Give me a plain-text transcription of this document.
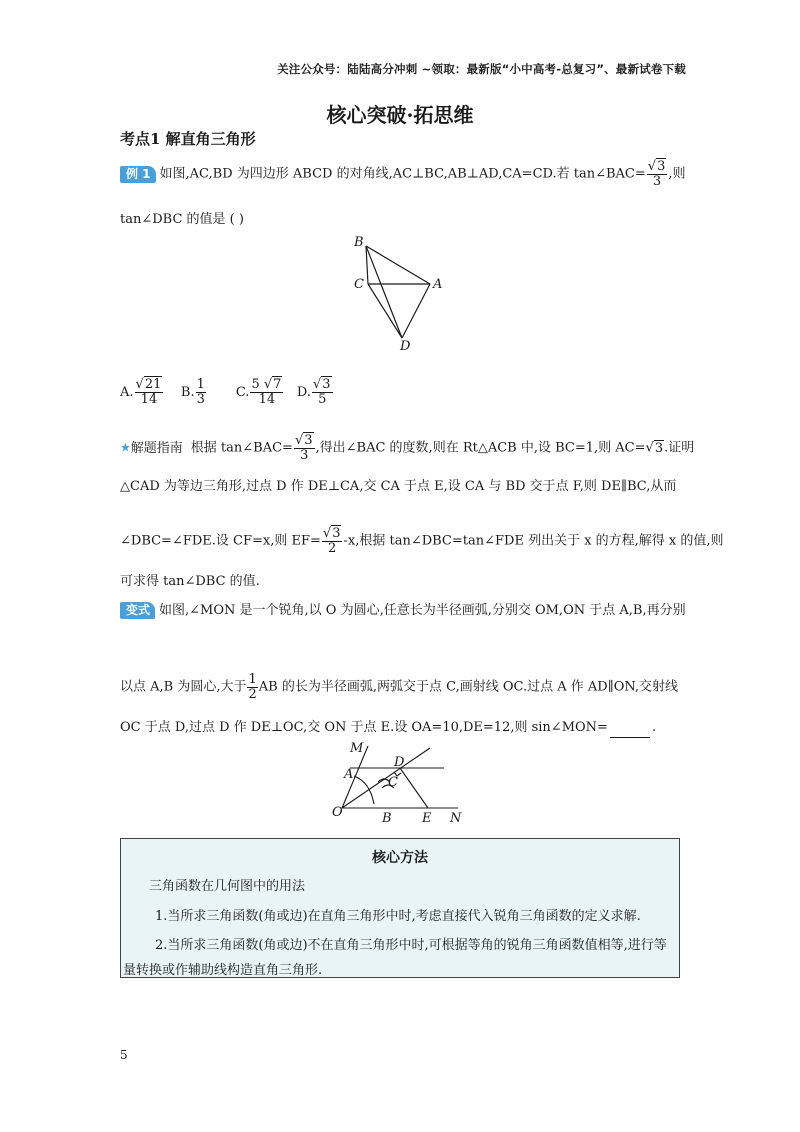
关注公众号：陆陆高分冲刺 ~领取：最新版“小中高考-总复习”、最新试卷下载
核心突破·拓思维
考点1 解直角三角形
例 1 如图,AC,BD 为四边形 ABCD 的对角线,AC⊥BC,AB⊥AD,CA=CD.若 tan∠BAC= $\frac{√3}{3}$ ,则
tan∠DBC 的值是 ( )
B
C	A
D
A. $\frac{√21}{14} B$. $\frac{1}{3} C$. $\frac{5 √7}{14} D$. $\frac{√3}{5}$
★解题指南 根据 tan∠BAC= $\frac{√3}{3}$ ,得出∠BAC 的度数,则在 Rt△ACB 中,设 BC=1,则 AC=√3.证明
△CAD 为等边三角形,过点 D 作 DE⊥CA,交 CA 于点 E,设 CA 与 BD 交于点 F,则 DE∥BC,从而
∠DBC=∠FDE.设 CF=x,则 $EF= \frac{√3}{2} -x$,根据 tan∠DBC=tan∠FDE 列出关于 x 的方程,解得 x 的值,则
可求得 tan∠DBC 的值.
变式 如图,∠MON 是一个锐角,以 O 为圆心,任意长为半径画弧,分别交 OM,ON 于点 A,B,再分别
以点 A,B 为圆心,大于 $\frac{1}{2}$ AB 的长为半径画弧,两弧交于点 C,画射线 OC.过点 A 作 AD∥ON,交射线
OC 于点 D,过点 D 作 DE⊥OC,交 ON 于点 E.设 OA=10,DE=12,则 sin∠MON=	.
M
A
D
C
O	B E N
核心方法
三角函数在几何图中的用法
1.当所求三角函数(角或边)在直角三角形中时,考虑直接代入锐角三角函数的定义求解.
2.当所求三角函数(角或边)不在直角三角形中时,可根据等角的锐角三角函数值相等,进行等
量转换或作辅助线构造直角三角形.
5
